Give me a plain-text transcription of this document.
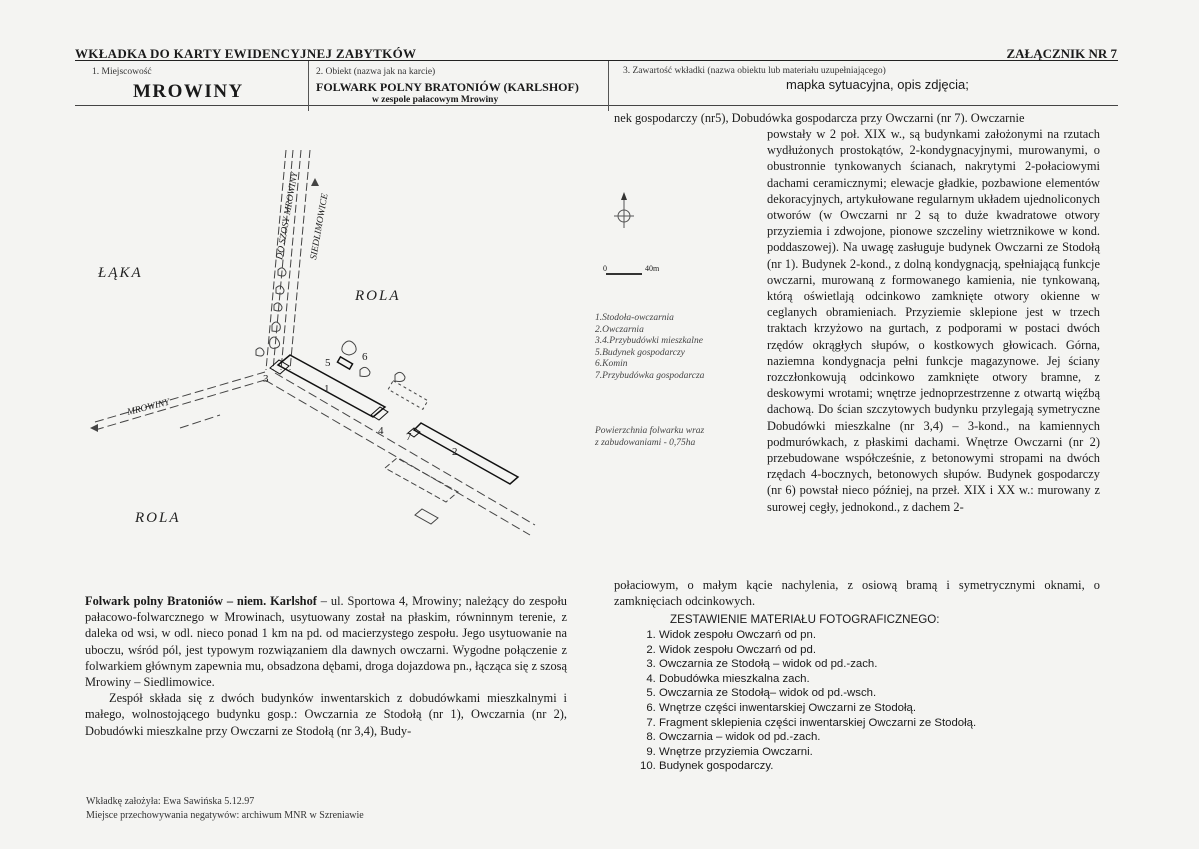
WKŁADKA DO KARTY EWIDENCYJNEJ ZABYTKÓW	ZAŁĄCZNIK NR 7
1. Miejscowość
MROWINY
2. Obiekt (nazwa jak na karcie)
FOLWARK POLNY BRATONIÓW (KARLSHOF)
w zespole pałacowym Mrowiny
3. Zawartość wkładki (nazwa obiektu lub materiału uzupełniającego)
mapka sytuacyjna, opis zdjęcia;
ŁĄKA
ROLA
ROLA
DO SZOSY MROWINY SIEDLIMOWICE
MROWINY
1
2
3
4
5	6
7
0	40m
1.Stodoła-owczarnia
2.Owczarnia
3.4.Przybudówki mieszkalne
5.Budynek gospodarczy
6.Komin
7.Przybudówka gospodarcza
Powierzchnia folwarku wraz
z zabudowaniami - 0,75ha
Folwark polny Bratoniów – niem. Karlshof – ul. Sportowa 4, Mrowiny; należący do zespołu pałacowo-folwarcznego w Mrowinach, usytuowany został na płaskim, równinnym terenie, z daleka od wsi, w odl. nieco ponad 1 km na pd. od macierzystego zespołu. Jego usytuowanie na uboczu, wśród pól, jest typowym rozwiązaniem dla dawnych owczarni. Wygodne połączenie z folwarkiem głównym zapewnia mu, obsadzona dębami, droga dojazdowa pn., łącząca się z szosą Mrowiny – Siedlimowice.
Zespół składa się z dwóch budynków inwentarskich z dobudówkami mieszkalnymi i małego, wolnostojącego budynku gosp.: Owczarnia ze Stodołą (nr 1), Owczarnia (nr 2), Dobudówki mieszkalne przy Owczarni ze Stodołą (nr 3,4), Budy-
nek gospodarczy (nr5), Dobudówka gospodarcza przy Owczarni (nr 7). Owczarnie
powstały w 2 poł. XIX w., są budynkami założonymi na rzutach wydłużonych prostokątów, 2-kondygnacyjnymi, murowanymi, o obustronnie tynkowanych ścianach, nakrytymi 2-połaciowymi dachami ceramicznymi; elewacje gładkie, pozbawione elementów dekoracyjnych, artykułowane regularnym układem ujednoliconych otworów (w Owczarni nr 2 są to duże kwadratowe otwory przyziemia i zdwojone, pionowe szczeliny wietrznikowe w kond. poddaszowej). Na uwagę zasługuje budynek Owczarni ze Stodołą (nr 1). Budynek 2-kond., z dolną kondygnacją, spełniającą funkcje owczarni, murowaną z formowanego kamienia, nie tynkowaną, którą oświetlają odcinkowo zamknięte otwory okienne w ceglanych obramieniach. Przyziemie sklepione jest w trzech traktach krzyżowo na gurtach, z podporami w postaci dwóch rzędów okrągłych słupów, o kostkowych głowicach. Górna, naziemna kondygnacja pełni funkcje magazynowe. Jej ściany rozczłonkowują odcinkowo zamknięte otwory bramne, z deskowymi wrotami; wnętrze jednoprzestrzenne z otwartą więźbą dachową. Do ścian szczytowych budynku przylegają symetryczne Dobudówki mieszkalne (nr 3,4) – 3-kond., na kamiennych podmurówkach, z płaskimi dachami. Wnętrze Owczarni (nr 2) przebudowane współcześnie, z betonowymi stropami na dwóch rzędach 4-bocznych, betonowych słupów. Budynek gospodarczy (nr 6) powstał nieco później, na przeł. XIX i XX w.: murowany z surowej cegły, jednokond., z dachem 2-
połaciowym, o małym kącie nachylenia, z osiową bramą i symetrycznymi oknami, o zamknięciach odcinkowych.
ZESTAWIENIE MATERIAŁU FOTOGRAFICZNEGO:
1. Widok zespołu Owczarń od pn.
2. Widok zespołu Owczarń od pd.
3. Owczarnia ze Stodołą – widok od pd.-zach.
4. Dobudówka mieszkalna zach.
5. Owczarnia ze Stodołą– widok od pd.-wsch.
6. Wnętrze części inwentarskiej Owczarni ze Stodołą.
7. Fragment sklepienia części inwentarskiej Owczarni ze Stodołą.
8. Owczarnia – widok od pd.-zach.
9. Wnętrze przyziemia Owczarni.
10. Budynek gospodarczy.
Wkładkę założyła: Ewa Sawińska 5.12.97
Miejsce przechowywania negatywów: archiwum MNR w Szreniawie
